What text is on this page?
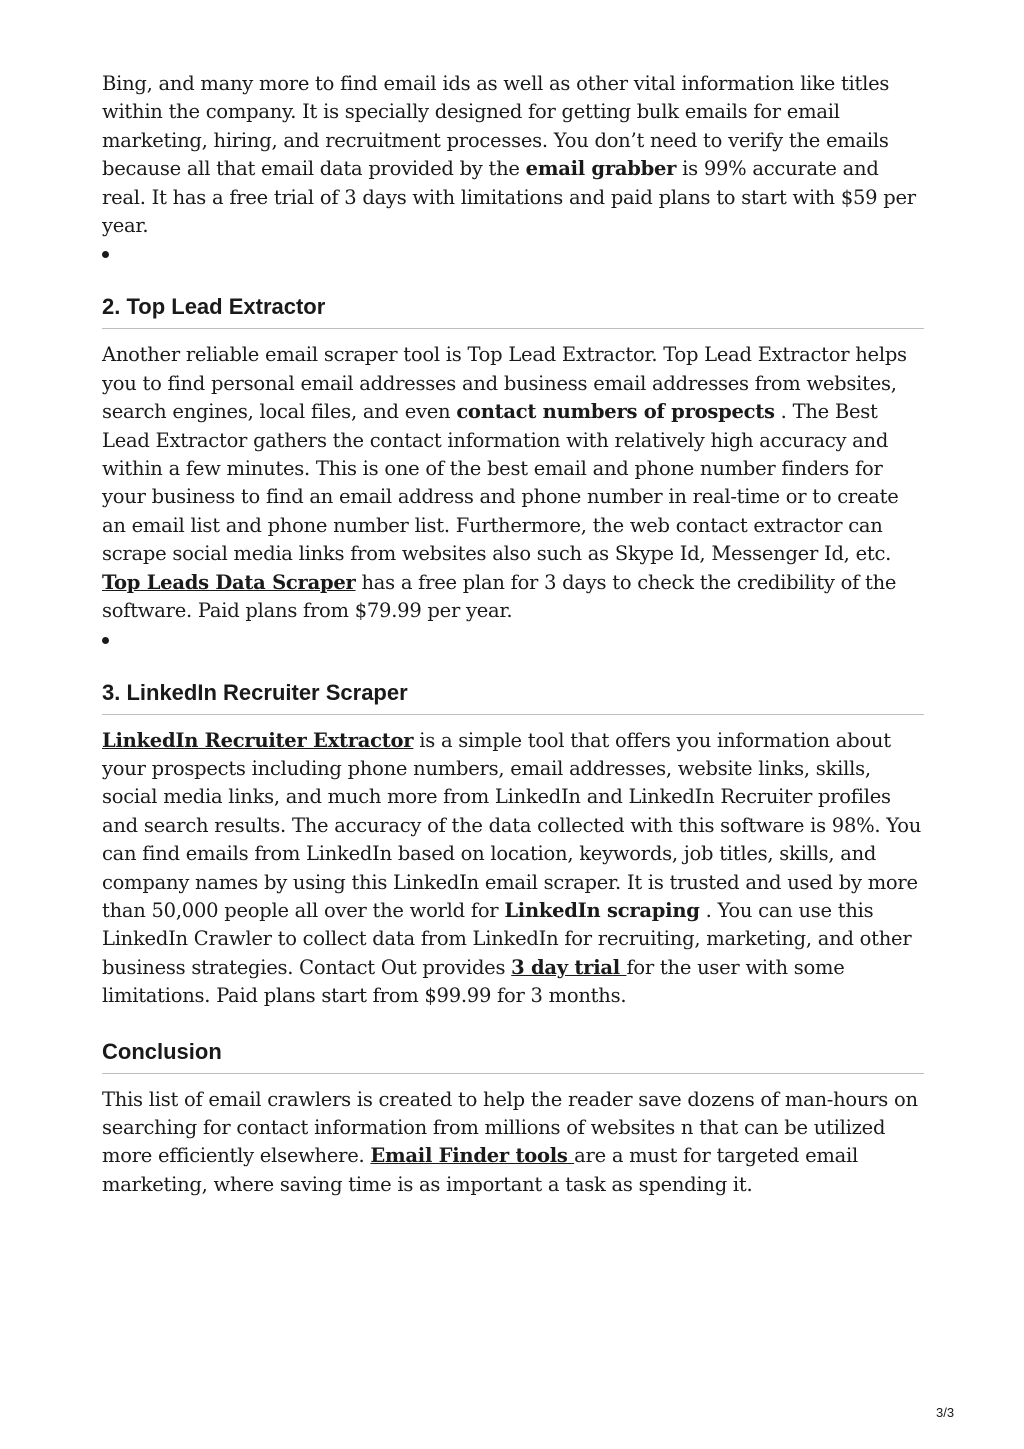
Bing, and many more to find email ids as well as other vital information like titles within the company. It is specially designed for getting bulk emails for email marketing, hiring, and recruitment processes. You don’t need to verify the emails because all that email data provided by the email grabber is 99% accurate and real. It has a free trial of 3 days with limitations and paid plans to start with $59 per year.

2. Top Lead Extractor

Another reliable email scraper tool is Top Lead Extractor. Top Lead Extractor helps you to find personal email addresses and business email addresses from websites, search engines, local files, and even contact numbers of prospects . The Best Lead Extractor gathers the contact information with relatively high accuracy and within a few minutes. This is one of the best email and phone number finders for your business to find an email address and phone number in real-time or to create an email list and phone number list. Furthermore, the web contact extractor can scrape social media links from websites also such as Skype Id, Messenger Id, etc. Top Leads Data Scraper has a free plan for 3 days to check the credibility of the software. Paid plans from $79.99 per year.

3. LinkedIn Recruiter Scraper

LinkedIn Recruiter Extractor is a simple tool that offers you information about your prospects including phone numbers, email addresses, website links, skills, social media links, and much more from LinkedIn and LinkedIn Recruiter profiles and search results. The accuracy of the data collected with this software is 98%. You can find emails from LinkedIn based on location, keywords, job titles, skills, and company names by using this LinkedIn email scraper. It is trusted and used by more than 50,000 people all over the world for LinkedIn scraping . You can use this LinkedIn Crawler to collect data from LinkedIn for recruiting, marketing, and other business strategies. Contact Out provides 3 day trial for the user with some limitations. Paid plans start from $99.99 for 3 months.

Conclusion

This list of email crawlers is created to help the reader save dozens of man-hours on searching for contact information from millions of websites n that can be utilized more efficiently elsewhere. Email Finder tools are a must for targeted email marketing, where saving time is as important a task as spending it.

3/3
